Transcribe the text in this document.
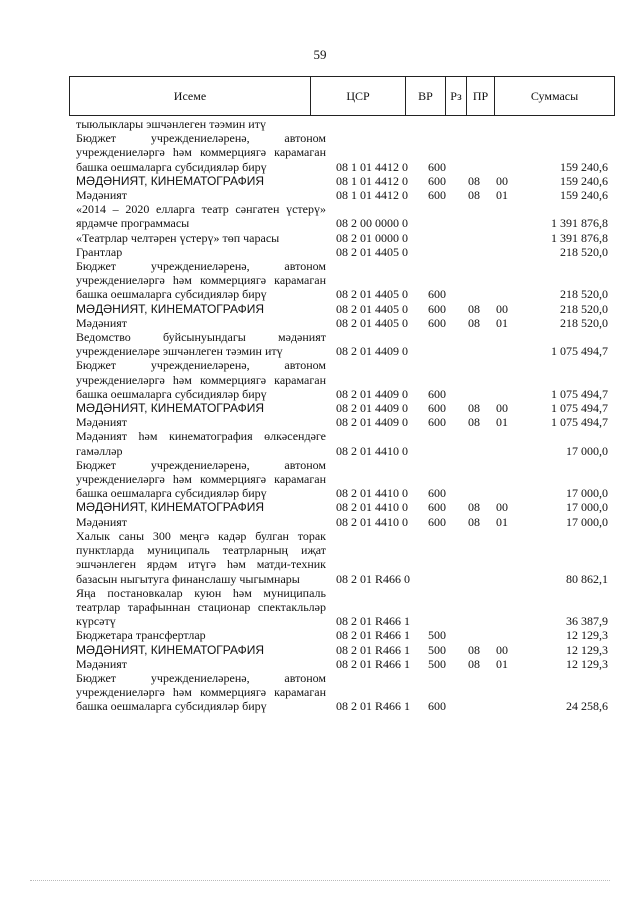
59
Исеме	ЦСР	ВР	Рз	ПР	Суммасы
тыюлыклары эшчәнлеген тәэмин итү					
Бюджет учреждениеләренә, автоном учреждениеләргә һәм коммерциягә карамаган башка оешмаларга субсидияләр бирү	08 1 01 4412 0	600			159 240,6
МӘДӘНИЯТ, КИНЕМАТОГРАФИЯ	08 1 01 4412 0	600	08	00	159 240,6
Мәдәният	08 1 01 4412 0	600	08	01	159 240,6
«2014 – 2020 елларга театр сәнгатен үстерү» ярдәмче программасы	08 2 00 0000 0				1 391 876,8
«Театрлар челтәрен үстерү» төп чарасы	08 2 01 0000 0				1 391 876,8
Грантлар	08 2 01 4405 0				218 520,0
Бюджет учреждениеләренә, автоном учреждениеләргә һәм коммерциягә карамаган башка оешмаларга субсидияләр бирү	08 2 01 4405 0	600			218 520,0
МӘДӘНИЯТ, КИНЕМАТОГРАФИЯ	08 2 01 4405 0	600	08	00	218 520,0
Мәдәният	08 2 01 4405 0	600	08	01	218 520,0
Ведомство буйсынуындагы мәдәният учреждениеләре эшчәнлеген тәэмин итү	08 2 01 4409 0				1 075 494,7
Бюджет учреждениеләренә, автоном учреждениеләргә һәм коммерциягә карамаган башка оешмаларга субсидияләр бирү	08 2 01 4409 0	600			1 075 494,7
МӘДӘНИЯТ, КИНЕМАТОГРАФИЯ	08 2 01 4409 0	600	08	00	1 075 494,7
Мәдәният	08 2 01 4409 0	600	08	01	1 075 494,7
Мәдәният һәм кинематография өлкәсендәге гамәлләр	08 2 01 4410 0				17 000,0
Бюджет учреждениеләренә, автоном учреждениеләргә һәм коммерциягә карамаган башка оешмаларга субсидияләр бирү	08 2 01 4410 0	600			17 000,0
МӘДӘНИЯТ, КИНЕМАТОГРАФИЯ	08 2 01 4410 0	600	08	00	17 000,0
Мәдәният	08 2 01 4410 0	600	08	01	17 000,0
Халык саны 300 меңгә кадәр булган торак пунктларда муниципаль театрларның иҗат эшчәнлеген ярдәм итүгә һәм матди-техник базасын ныгытуга финанслашу чыгымнары	08 2 01 R466 0				80 862,1
Яңа постановкалар куюн һәм муниципаль театрлар тарафыннан стационар спектакльләр күрсәтү	08 2 01 R466 1				36 387,9
Бюджетара трансфертлар	08 2 01 R466 1	500			12 129,3
МӘДӘНИЯТ, КИНЕМАТОГРАФИЯ	08 2 01 R466 1	500	08	00	12 129,3
Мәдәният	08 2 01 R466 1	500	08	01	12 129,3
Бюджет учреждениеләренә, автоном учреждениеләргә һәм коммерциягә карамаган башка оешмаларга субсидияләр бирү	08 2 01 R466 1	600			24 258,6
